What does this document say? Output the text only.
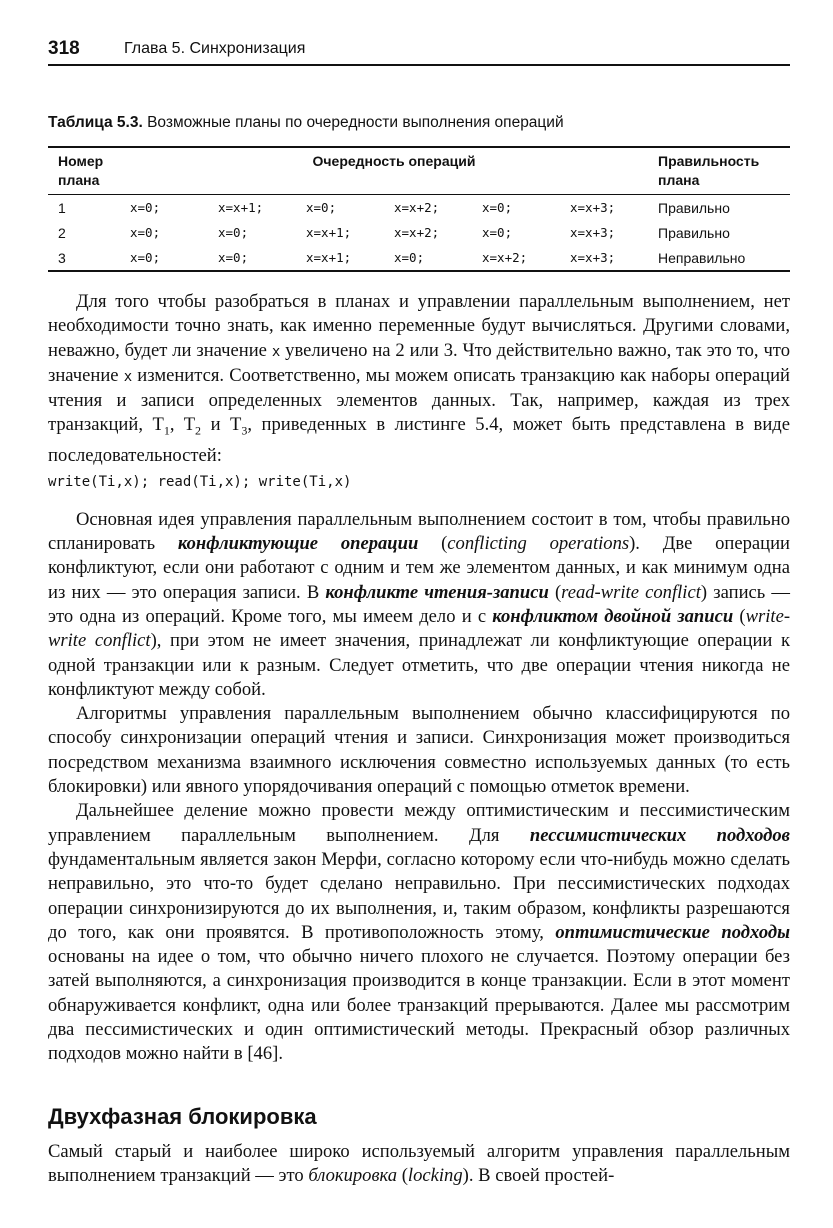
318	Глава 5. Синхронизация
Таблица 5.3. Возможные планы по очередности выполнения операций
Номер плана	Очередность операций						Правильность плана
1	x=0;	x=x+1;	x=0;	x=x+2;	x=0;	x=x+3;	Правильно
2	x=0;	x=0;	x=x+1;	x=x+2;	x=0;	x=x+3;	Правильно
3	x=0;	x=0;	x=x+1;	x=0;	x=x+2;	x=x+3;	Неправильно

Для того чтобы разобраться в планах и управлении параллельным выполнением, нет необходимости точно знать, как именно переменные будут вычисляться. Другими словами, неважно, будет ли значение x увеличено на 2 или 3. Что действительно важно, так это то, что значение x изменится. Соответственно, мы можем описать транзакцию как наборы операций чтения и записи определенных элементов данных. Так, например, каждая из трех транзакций, $T_1$, $T_2$ и $T_3$, приведенных в листинге 5.4, может быть представлена в виде последовательностей:

write(Ti,x); read(Ti,x); write(Ti,x)

Основная идея управления параллельным выполнением состоит в том, чтобы правильно спланировать конфликтующие операции (conflicting operations). Две операции конфликтуют, если они работают с одним и тем же элементом данных, и как минимум одна из них — это операция записи. В конфликте чтения-записи (read-write conflict) запись — это одна из операций. Кроме того, мы имеем дело и с конфликтом двойной записи (write-write conflict), при этом не имеет значения, принадлежат ли конфликтующие операции к одной транзакции или к разным. Следует отметить, что две операции чтения никогда не конфликтуют между собой.

Алгоритмы управления параллельным выполнением обычно классифицируются по способу синхронизации операций чтения и записи. Синхронизация может производиться посредством механизма взаимного исключения совместно используемых данных (то есть блокировки) или явного упорядочивания операций с помощью отметок времени.

Дальнейшее деление можно провести между оптимистическим и пессимистическим управлением параллельным выполнением. Для пессимистических подходов фундаментальным является закон Мерфи, согласно которому если что-нибудь можно сделать неправильно, это что-то будет сделано неправильно. При пессимистических подходах операции синхронизируются до их выполнения, и, таким образом, конфликты разрешаются до того, как они проявятся. В противоположность этому, оптимистические подходы основаны на идее о том, что обычно ничего плохого не случается. Поэтому операции без затей выполняются, а синхронизация производится в конце транзакции. Если в этот момент обнаруживается конфликт, одна или более транзакций прерываются. Далее мы рассмотрим два пессимистических и один оптимистический методы. Прекрасный обзор различных подходов можно найти в [46].

Двухфазная блокировка

Самый старый и наиболее широко используемый алгоритм управления параллельным выполнением транзакций — это блокировка (locking). В своей простей-
